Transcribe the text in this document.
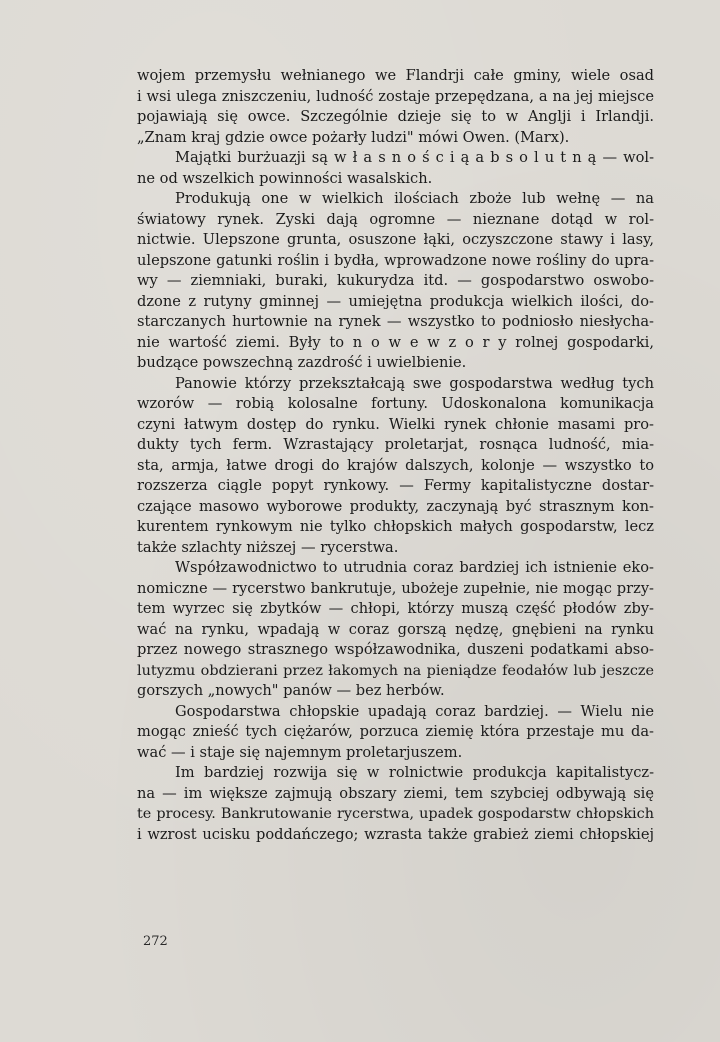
wojem przemysłu wełnianego we Flandrji całe gminy, wiele osad
i wsi ulega zniszczeniu, ludność zostaje przepędzana, a na jej miejsce
pojawiają się owce. Szczególnie dzieje się to w Anglji i Irlandji.
„Znam kraj gdzie owce pożarły ludzi" mówi Owen. (Marx).
Majątki burżuazji są w ł a s n o ś c i ą a b s o l u t n ą — wol-
ne od wszelkich powinności wasalskich.
Produkują one w wielkich ilościach zboże lub wełnę — na
światowy rynek. Zyski dają ogromne — nieznane dotąd w rol-
nictwie. Ulepszone grunta, osuszone łąki, oczyszczone stawy i lasy,
ulepszone gatunki roślin i bydła, wprowadzone nowe rośliny do upra-
wy — ziemniaki, buraki, kukurydza itd. — gospodarstwo oswobo-
dzone z rutyny gminnej — umiejętna produkcja wielkich ilości, do-
starczanych hurtownie na rynek — wszystko to podniosło niesłycha-
nie wartość ziemi. Były to n o w e w z o r y rolnej gospodarki,
budzące powszechną zazdrość i uwielbienie.
Panowie którzy przekształcają swe gospodarstwa według tych
wzorów — robią kolosalne fortuny. Udoskonalona komunikacja
czyni łatwym dostęp do rynku. Wielki rynek chłonie masami pro-
dukty tych ferm. Wzrastający proletarjat, rosnąca ludność, mia-
sta, armja, łatwe drogi do krajów dalszych, kolonje — wszystko to
rozszerza ciągle popyt rynkowy. — Fermy kapitalistyczne dostar-
czające masowo wyborowe produkty, zaczynają być strasznym kon-
kurentem rynkowym nie tylko chłopskich małych gospodarstw, lecz
także szlachty niższej — rycerstwa.
Współzawodnictwo to utrudnia coraz bardziej ich istnienie eko-
nomiczne — rycerstwo bankrutuje, ubożeje zupełnie, nie mogąc przy-
tem wyrzec się zbytków — chłopi, którzy muszą część płodów zby-
wać na rynku, wpadają w coraz gorszą nędzę, gnębieni na rynku
przez nowego strasznego współzawodnika, duszeni podatkami abso-
lutyzmu obdzierani przez łakomych na pieniądze feodałów lub jeszcze
gorszych „nowych" panów — bez herbów.
Gospodarstwa chłopskie upadają coraz bardziej. — Wielu nie
mogąc znieść tych ciężarów, porzuca ziemię która przestaje mu da-
wać — i staje się najemnym proletarjuszem.
Im bardziej rozwija się w rolnictwie produkcja kapitalistycz-
na — im większe zajmują obszary ziemi, tem szybciej odbywają się
te procesy. Bankrutowanie rycerstwa, upadek gospodarstw chłopskich
i wzrost ucisku poddańczego; wzrasta także grabież ziemi chłopskiej
272
